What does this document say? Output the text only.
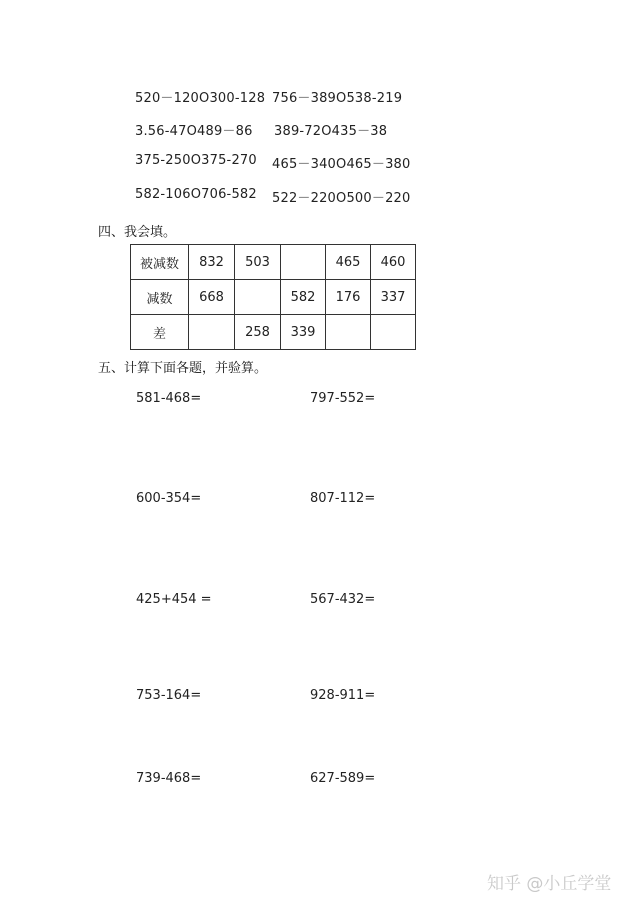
520－120O300-128 756－389O538-219
3.56-47O489－86 389-72O435－38
375-250O375-270 465－340O465－380
582-106O706-582 522－220O500－220
四、我会填。
被减数	832	503		465	460
减数	668		582	176	337
差		258	339		
五、计算下面各题，并验算。
581-468=	797-552=
600-354=	807-112=
425+454 =	567-432=
753-164=	928-911=
739-468=	627-589=
知乎 @小丘学堂
